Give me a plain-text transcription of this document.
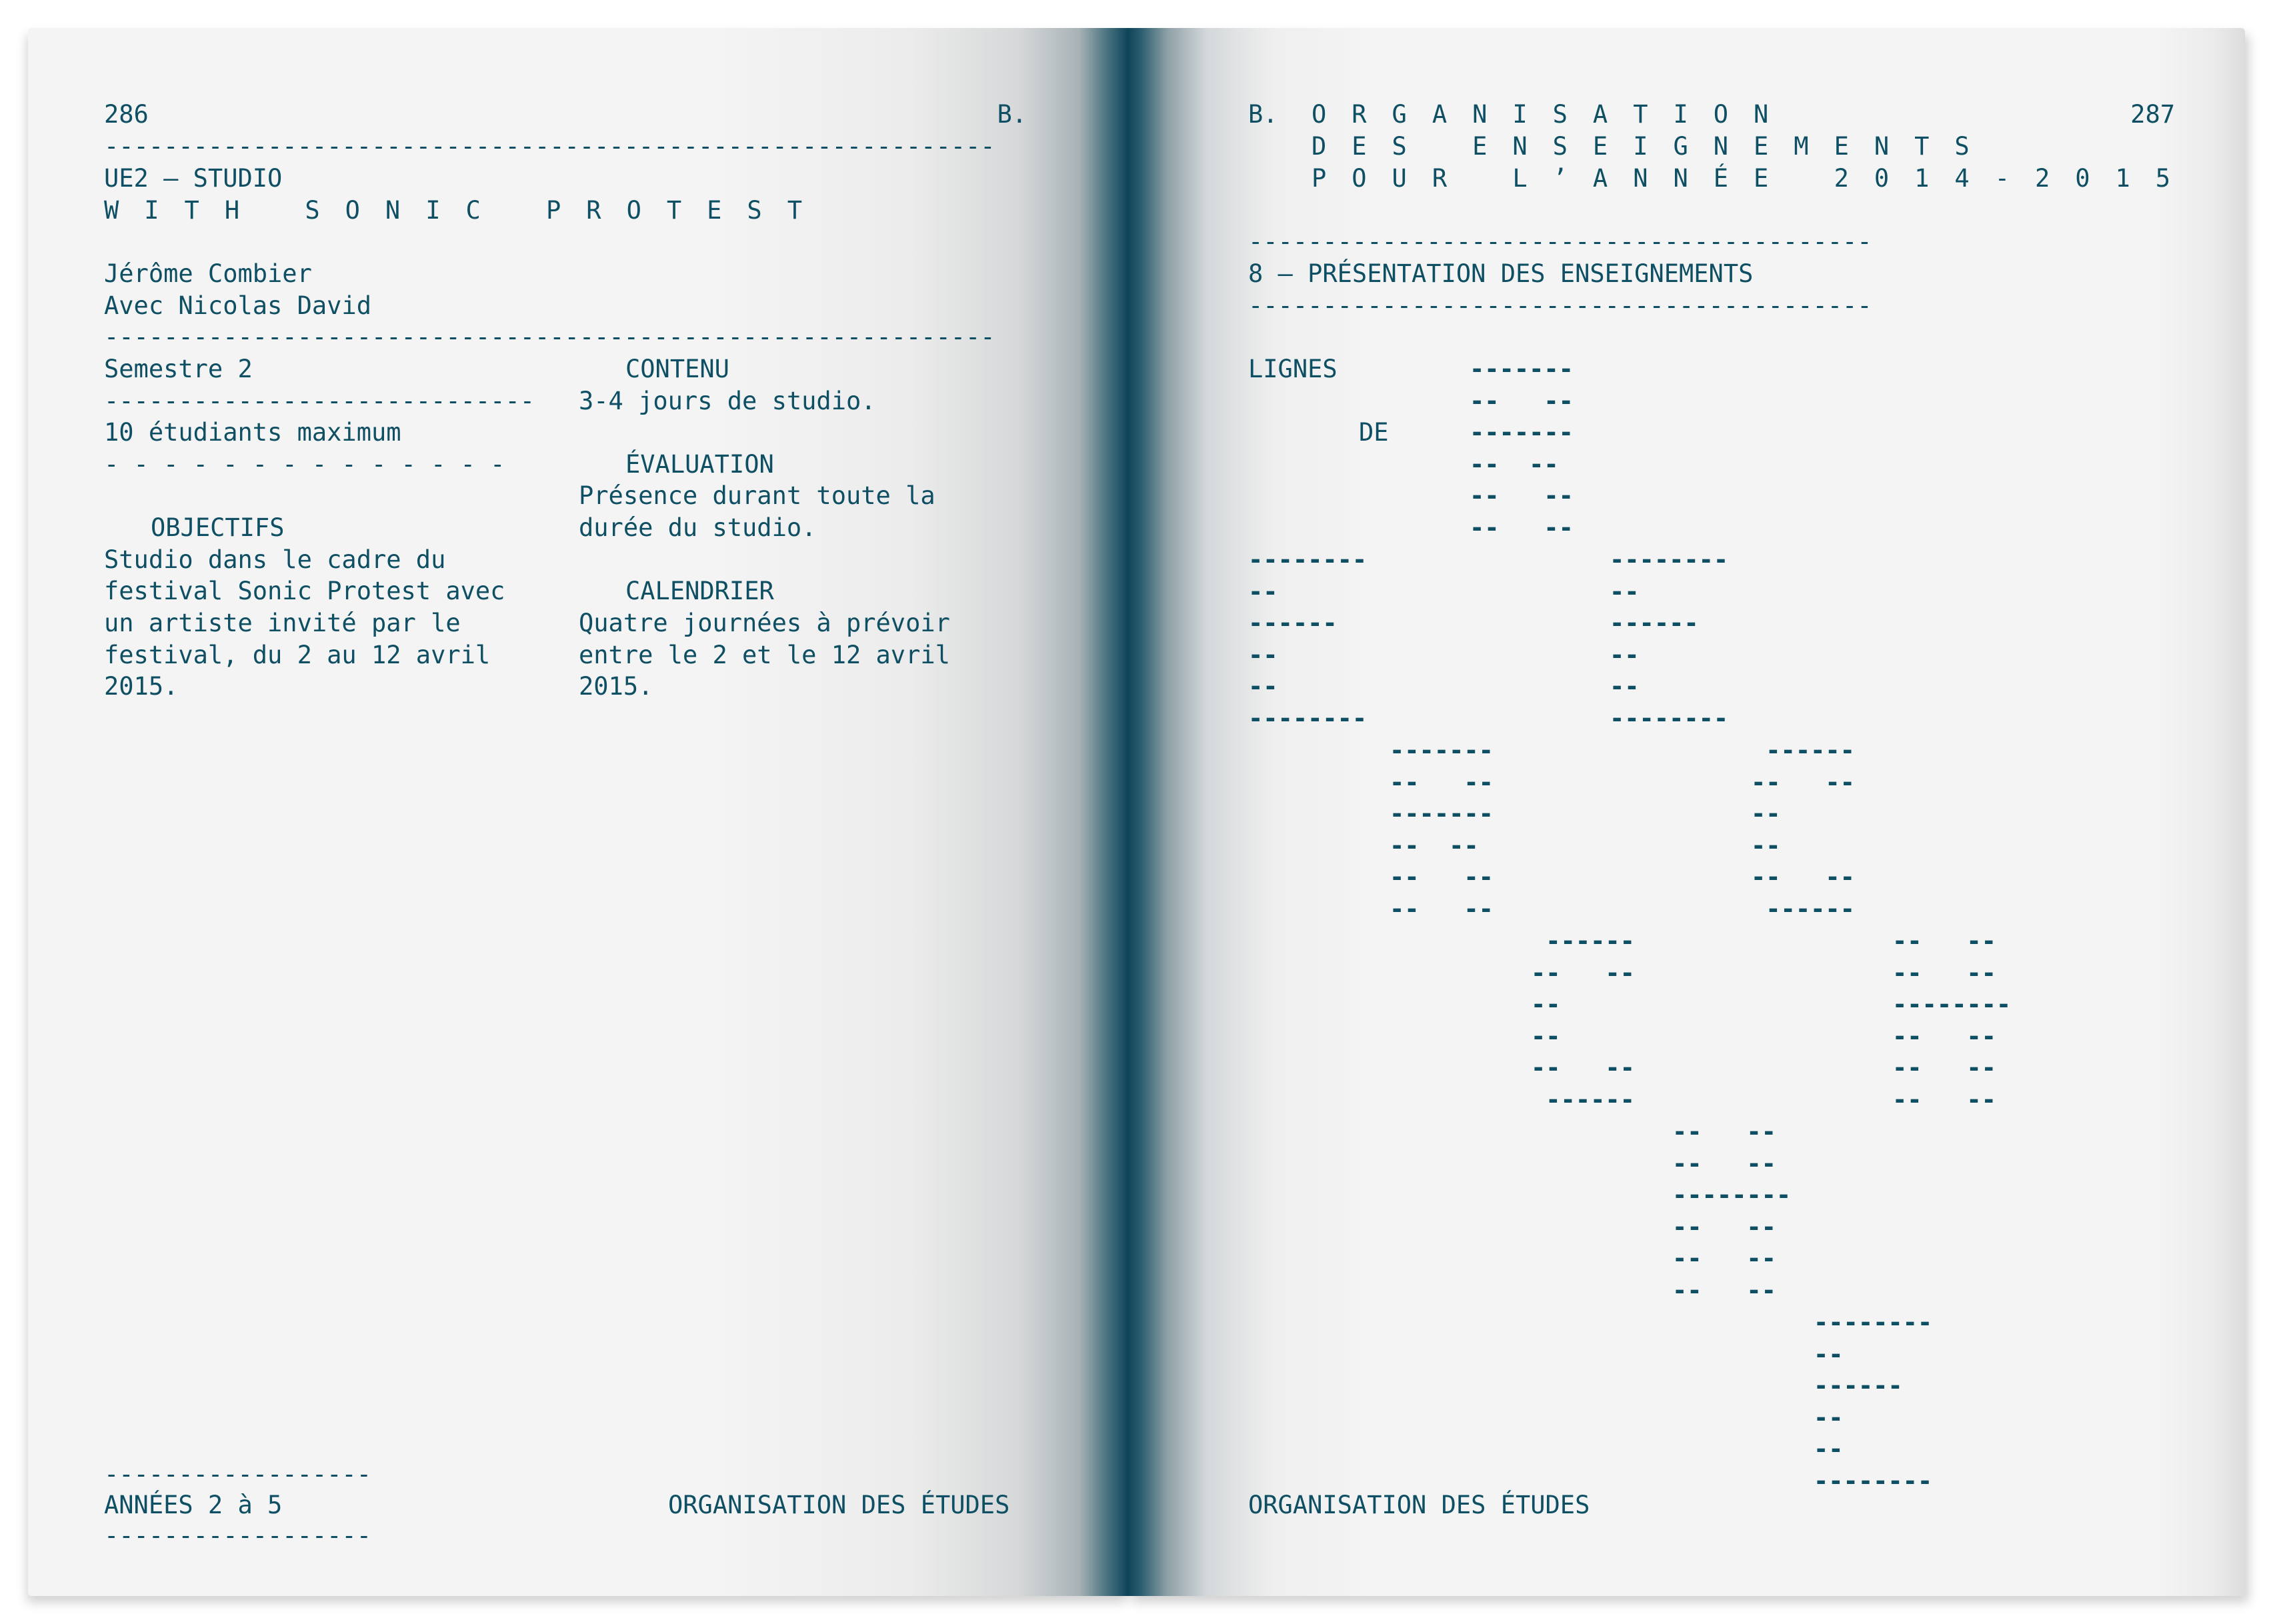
286	B.
------------------------------------------------------------
UE2 – STUDIO
WITH SONIC PROTEST
Jérôme Combier
Avec Nicolas David
------------------------------------------------------------
Semestre 2
-----------------------------
10 étudiants maximum
- - - - - - - - - - - - - -
OBJECTIFS
Studio dans le cadre du
festival Sonic Protest avec
un artiste invité par le
festival, du 2 au 12 avril
2015.
CONTENU
3-4 jours de studio.
ÉVALUATION
Présence durant toute la
durée du studio.
CALENDRIER
Quatre journées à prévoir
entre le 2 et le 12 avril
2015.
------------------
ANNÉES 2 à 5
------------------
ORGANISATION DES ÉTUDES
B. ORGANISATION
DES ENSEIGNEMENTS
POUR L’ANNÉE 2014-2015
287
------------------------------------------
8 – PRÉSENTATION DES ENSEIGNEMENTS
------------------------------------------
LIGNES
DE
-------
--   --
-------
--  --
--   --
--   --
--------
--
------
--
--
--------
--------
--
------
--
--
--------
-------
--   --
-------
--  --
--   --
--   --
------
--   --
--
--
--   --
------
------
--   --
--
--
--   --
------
--   --
--   --
--------
--   --
--   --
--   --
--   --
--   --
--------
--   --
--   --
--   --
--------
--
------
--
--
--------
ORGANISATION DES ÉTUDES
